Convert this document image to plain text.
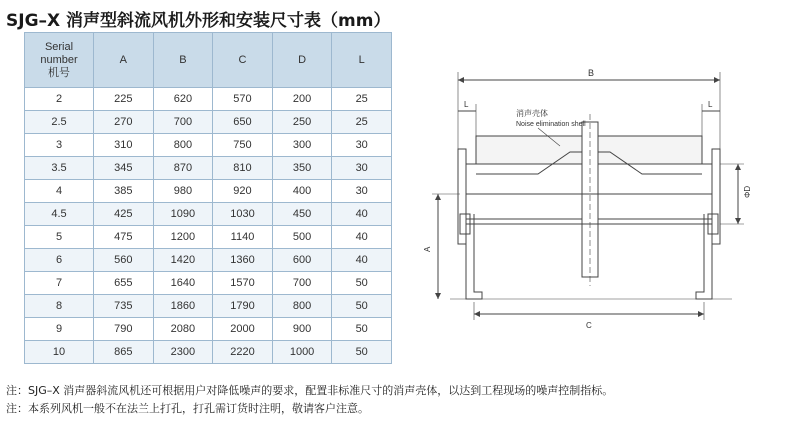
SJG–X 消声型斜流风机外形和安装尺寸表（mm）
Serial
number
机号	A	B	C	D	L
2	225	620	570	200	25
2.5	270	700	650	250	25
3	310	800	750	300	30
3.5	345	870	810	350	30
4	385	980	920	400	30
4.5	425	1090	1030	450	40
5	475	1200	1140	500	40
6	560	1420	1360	600	40
7	655	1640	1570	700	50
8	735	1860	1790	800	50
9	790	2080	2000	900	50
10	865	2300	2220	1000	50
B
L	L
消声壳体
Noise elimination shell
ΦD
A
C
注：SJG–X 消声器斜流风机还可根据用户对降低噪声的要求，配置非标准尺寸的消声壳体，以达到工程现场的噪声控制指标。
注：本系列风机一般不在法兰上打孔，打孔需订货时注明，敬请客户注意。
